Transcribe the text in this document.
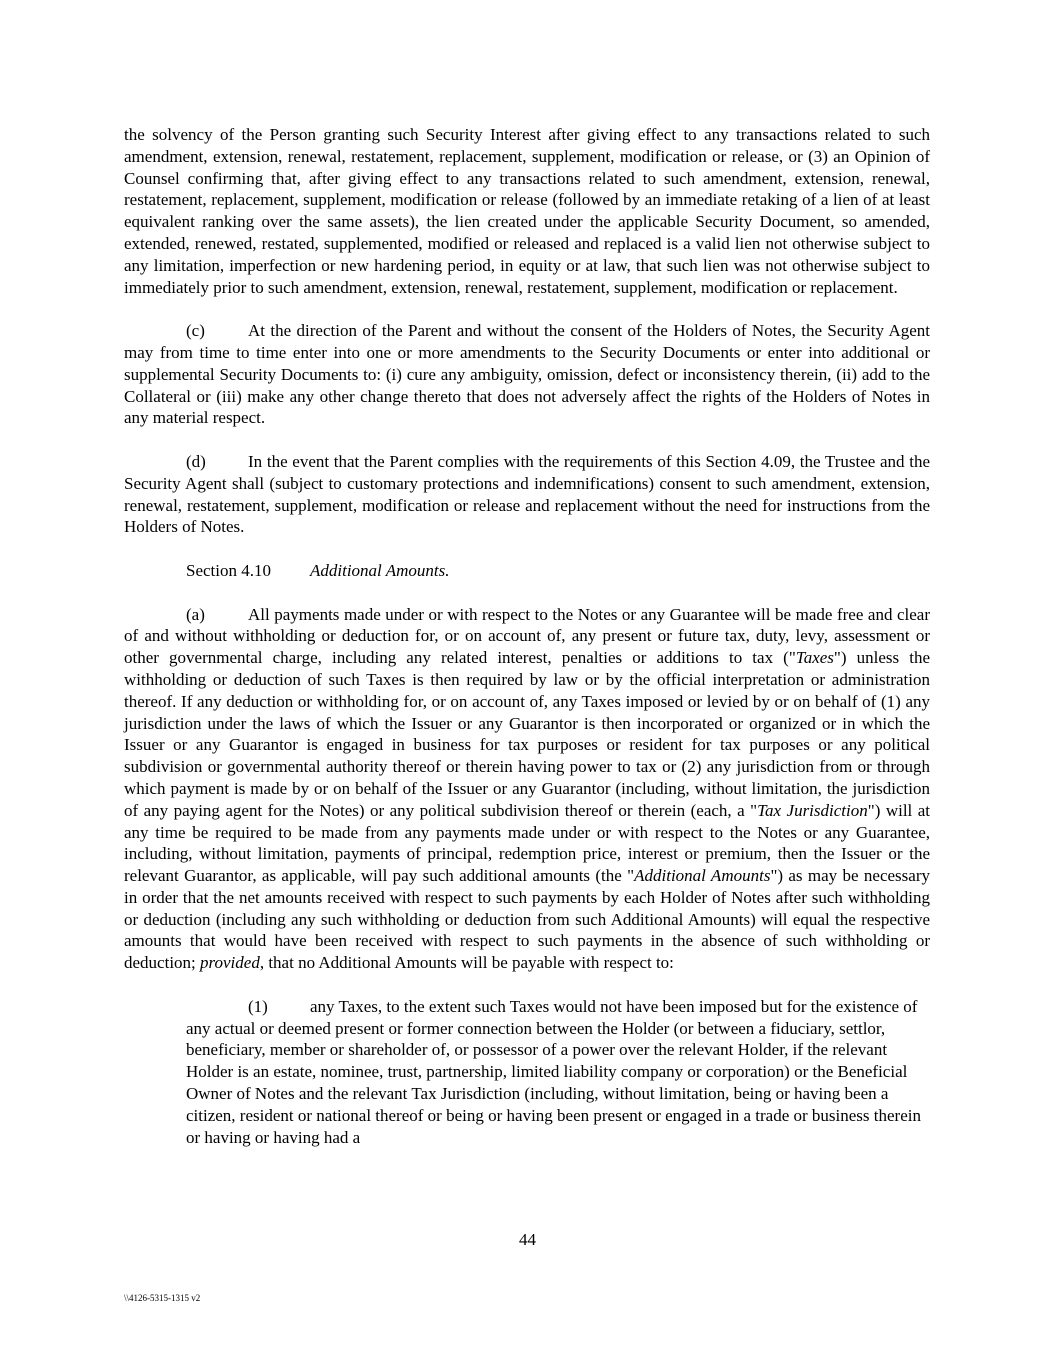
the solvency of the Person granting such Security Interest after giving effect to any transactions related to such amendment, extension, renewal, restatement, replacement, supplement, modification or release, or (3) an Opinion of Counsel confirming that, after giving effect to any transactions related to such amendment, extension, renewal, restatement, replacement, supplement, modification or release (followed by an immediate retaking of a lien of at least equivalent ranking over the same assets), the lien created under the applicable Security Document, so amended, extended, renewed, restated, supplemented, modified or released and replaced is a valid lien not otherwise subject to any limitation, imperfection or new hardening period, in equity or at law, that such lien was not otherwise subject to immediately prior to such amendment, extension, renewal, restatement, supplement, modification or replacement.

(c)	At the direction of the Parent and without the consent of the Holders of Notes, the Security Agent may from time to time enter into one or more amendments to the Security Documents or enter into additional or supplemental Security Documents to: (i) cure any ambiguity, omission, defect or inconsistency therein, (ii) add to the Collateral or (iii) make any other change thereto that does not adversely affect the rights of the Holders of Notes in any material respect.

(d) In the event that the Parent complies with the requirements of this Section 4.09, the Trustee and the Security Agent shall (subject to customary protections and indemnifications) consent to such amendment, extension, renewal, restatement, supplement, modification or release and replacement without the need for instructions from the Holders of Notes.

Section 4.10 Additional Amounts.

(a)	All payments made under or with respect to the Notes or any Guarantee will be made free and clear of and without withholding or deduction for, or on account of, any present or future tax, duty, levy, assessment or other governmental charge, including any related interest, penalties or additions to tax ("Taxes") unless the withholding or deduction of such Taxes is then required by law or by the official interpretation or administration thereof. If any deduction or withholding for, or on account of, any Taxes imposed or levied by or on behalf of (1) any jurisdiction under the laws of which the Issuer or any Guarantor is then incorporated or organized or in which the Issuer or any Guarantor is engaged in business for tax purposes or resident for tax purposes or any political subdivision or governmental authority thereof or therein having power to tax or (2) any jurisdiction from or through which payment is made by or on behalf of the Issuer or any Guarantor (including, without limitation, the jurisdiction of any paying agent for the Notes) or any political subdivision thereof or therein (each, a "Tax Jurisdiction") will at any time be required to be made from any payments made under or with respect to the Notes or any Guarantee, including, without limitation, payments of principal, redemption price, interest or premium, then the Issuer or the relevant Guarantor, as applicable, will pay such additional amounts (the "Additional Amounts") as may be necessary in order that the net amounts received with respect to such payments by each Holder of Notes after such withholding or deduction (including any such withholding or deduction from such Additional Amounts) will equal the respective amounts that would have been received with respect to such payments in the absence of such withholding or deduction; provided, that no Additional Amounts will be payable with respect to:

(1) any Taxes, to the extent such Taxes would not have been imposed but for the existence of any actual or deemed present or former connection between the Holder (or between a fiduciary, settlor, beneficiary, member or shareholder of, or possessor of a power over the relevant Holder, if the relevant Holder is an estate, nominee, trust, partnership, limited liability company or corporation) or the Beneficial Owner of Notes and the relevant Tax Jurisdiction (including, without limitation, being or having been a citizen, resident or national thereof or being or having been present or engaged in a trade or business therein or having or having had a

44
\\4126-5315-1315 v2
